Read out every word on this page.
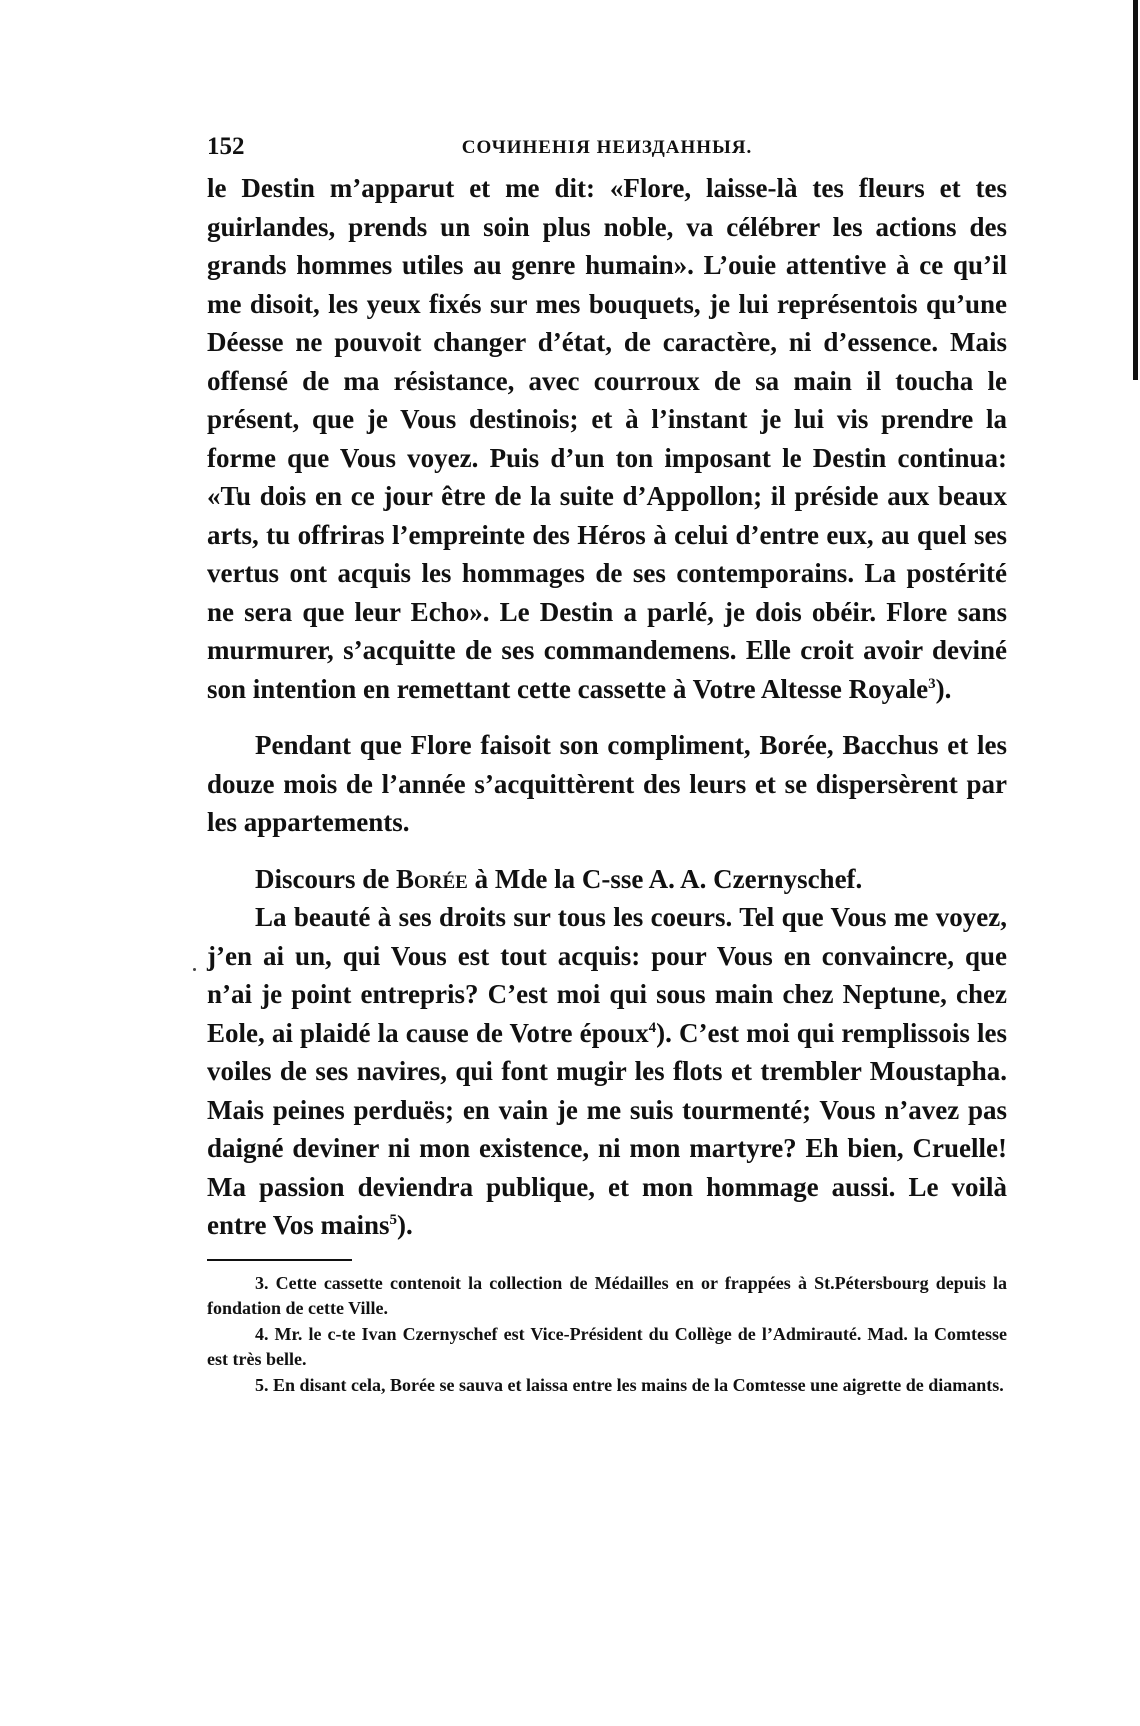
152	СОЧИНЕНІЯ НЕИЗДАННЫЯ.

le Destin m’apparut et me dit: «Flore, laisse-là tes fleurs et tes guirlandes, prends un soin plus noble, va célébrer les actions des grands hommes utiles au genre humain». L’ouie attentive à ce qu’il me disoit, les yeux fixés sur mes bouquets, je lui représentois qu’une Déesse ne pouvoit changer d’état, de caractère, ni d’essence. Mais offensé de ma résistance, avec courroux de sa main il toucha le présent, que je Vous destinois; et à l’instant je lui vis prendre la forme que Vous voyez. Puis d’un ton imposant le Destin continua: «Tu dois en ce jour être de la suite d’Appollon; il préside aux beaux arts, tu offriras l’empreinte des Héros à celui d’entre eux, au quel ses vertus ont acquis les hommages de ses contemporains. La postérité ne sera que leur Echo». Le Destin a parlé, je dois obéir. Flore sans murmurer, s’acquitte de ses commandemens. Elle croit avoir deviné son intention en remettant cette cassette à Votre Altesse Royale$^3$).

Pendant que Flore faisoit son compliment, Borée, Bacchus et les douze mois de l’année s’acquittèrent des leurs et se dispersèrent par les appartements.

Discours de Borée à Mde la C-sse A. A. Czernyschef.

La beauté à ses droits sur tous les coeurs. Tel que Vous me voyez, j’en ai un, qui Vous est tout acquis: pour Vous en convaincre, que n’ai je point entrepris? C’est moi qui sous main chez Neptune, chez Eole, ai plaidé la cause de Votre époux$^4$). C’est moi qui remplissois les voiles de ses navires, qui font mugir les flots et trembler Moustapha. Mais peines perduës; en vain je me suis tourmenté; Vous n’avez pas daigné deviner ni mon existence, ni mon martyre? Eh bien, Cruelle! Ma passion deviendra publique, et mon hommage aussi. Le voilà entre Vos mains$^5$).

3. Cette cassette contenoit la collection de Médailles en or frappées à St.Pétersbourg depuis la fondation de cette Ville.

4. Mr. le c-te Ivan Czernyschef est Vice-Président du Collège de l’Admirauté. Mad. la Comtesse est très belle.

5. En disant cela, Borée se sauva et laissa entre les mains de la Comtesse une aigrette de diamants.
